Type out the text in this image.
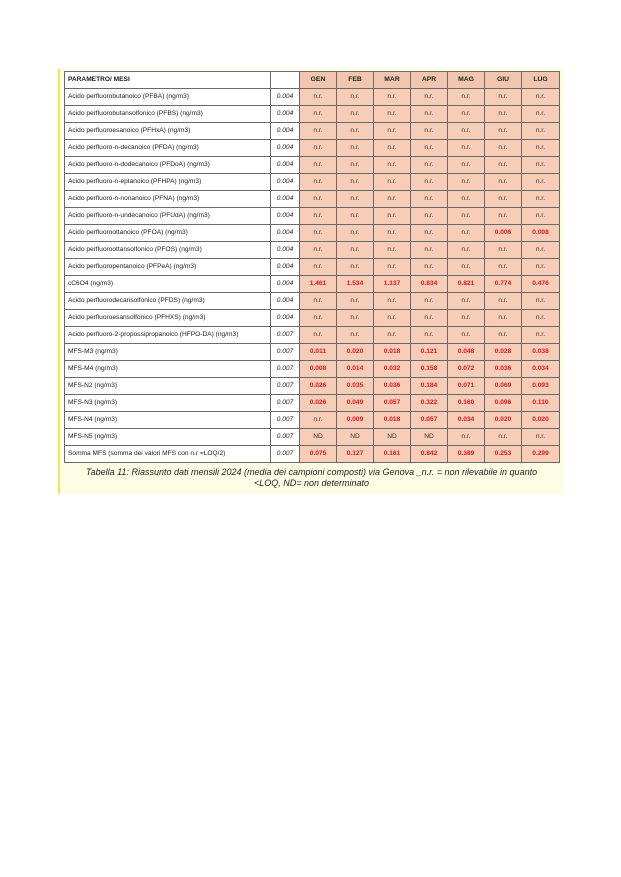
PARAMETRO/ MESI		GEN	FEB	MAR	APR	MAG	GIU	LUG
Acido perfluorobutanoico (PFBA) (ng/m3)	0.004	n.r.	n.r.	n.r.	n.r.	n.r.	n.r.	n.r.
Acido perfluorobutansolfonico (PFBS) (ng/m3)	0.004	n.r.	n.r.	n.r.	n.r.	n.r.	n.r.	n.r.
Acido perfluoroesanoico (PFHxA) (ng/m3)	0.004	n.r.	n.r.	n.r.	n.r.	n.r.	n.r.	n.r.
Acido perfluoro-n-decanoico (PFDA) (ng/m3)	0.004	n.r.	n.r.	n.r.	n.r.	n.r.	n.r.	n.r.
Acido perfluoro-n-dodecanoico (PFDoA) (ng/m3)	0.004	n.r.	n.r.	n.r.	n.r.	n.r.	n.r.	n.r.
Acido perfluoro-n-eptanoico (PFHPA) (ng/m3)	0.004	n.r.	n.r.	n.r.	n.r.	n.r.	n.r.	n.r.
Acido perfluoro-n-nonanoico (PFNA) (ng/m3)	0.004	n.r.	n.r.	n.r.	n.r.	n.r.	n.r.	n.r.
Acido perfluoro-n-undecanoico (PFUdA) (ng/m3)	0.004	n.r.	n.r.	n.r.	n.r.	n.r.	n.r.	n.r.
Acido perfluoroottanoico (PFOA) (ng/m3)	0.004	n.r.	n.r.	n.r.	n.r.	n.r.	0.006	0.008
Acido perfluoroottansolfonico (PFOS) (ng/m3)	0.004	n.r.	n.r.	n.r.	n.r.	n.r.	n.r.	n.r.
Acido perfluoropentanoico (PFPeA) (ng/m3)	0.004	n.r.	n.r.	n.r.	n.r.	n.r.	n.r.	n.r.
cC6O4 (ng/m3)	0.004	1.461	1.534	1.137	0.834	0.821	0.774	0.476
Acido perfluorodecansolfonico (PFDS) (ng/m3)	0.004	n.r.	n.r.	n.r.	n.r.	n.r.	n.r.	n.r.
Acido perfluoroesansolfonico (PFHXS) (ng/m3)	0.004	n.r.	n.r.	n.r.	n.r.	n.r.	n.r.	n.r.
Acido perfluoro-2-propossipropanoico (HFPO-DA) (ng/m3)	0.007	n.r.	n.r.	n.r.	n.r.	n.r.	n.r.	n.r.
MFS-M3 (ng/m3)	0.007	0.011	0.020	0.018	0.121	0.048	0.028	0.038
MFS-M4 (ng/m3)	0.007	0.008	0.014	0.032	0.158	0.072	0.036	0.034
MFS-N2 (ng/m3)	0.007	0.026	0.035	0.036	0.184	0.071	0.069	0.093
MFS-N3 (ng/m3)	0.007	0.026	0.049	0.057	0.322	0.160	0.096	0.110
MFS-N4 (ng/m3)	0.007	n.r.	0.009	0.018	0.057	0.034	0.020	0.020
MFS-N5 (ng/m3)	0.007	ND	ND	ND	ND	n.r.	n.r.	n.r.
Somma MFS (somma dei valori MFS con n.r =LOQ/2)	0.007	0.075	0.127	0.161	0.842	0.389	0.253	0.299
Tabella 11: Riassunto dati mensili 2024 (media dei campioni composti) via Genova _n.r. = non rilevabile in quanto
<LOQ, ND= non determinato
